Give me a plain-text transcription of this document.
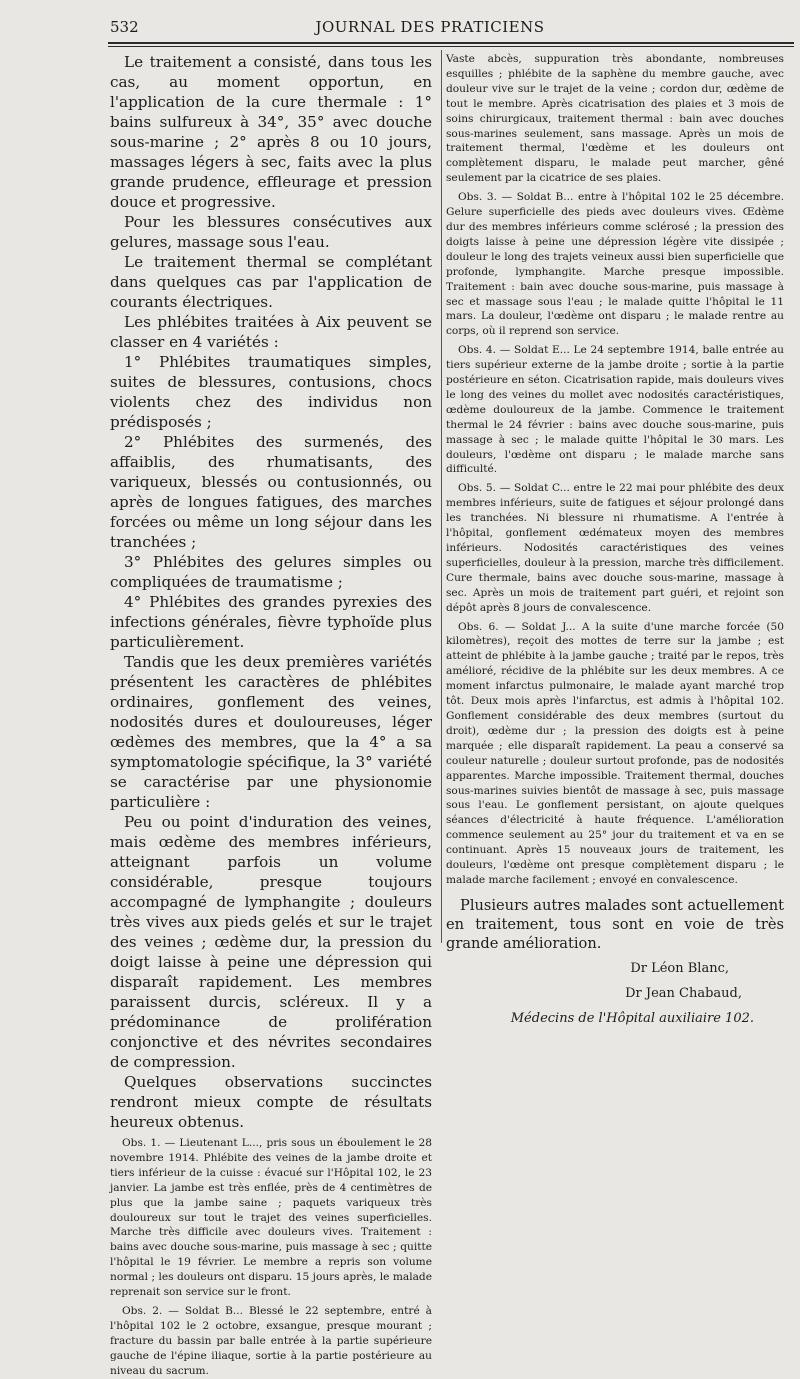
532	JOURNAL DES PRATICIENS

Le traitement a consisté, dans tous les cas, au moment opportun, en l'application de la cure thermale : 1° bains sulfureux à 34°, 35° avec douche sous-marine ; 2° après 8 ou 10 jours, massages légers à sec, faits avec la plus grande prudence, effleurage et pression douce et progressive.

Pour les blessures consécutives aux gelures, massage sous l'eau.

Le traitement thermal se complétant dans quelques cas par l'application de courants électriques.

Les phlébites traitées à Aix peuvent se classer en 4 variétés :

1° Phlébites traumatiques simples, suites de blessures, contusions, chocs violents chez des individus non prédisposés ;

2° Phlébites des surmenés, des affaiblis, des rhumatisants, des variqueux, blessés ou contusionnés, ou après de longues fatigues, des marches forcées ou même un long séjour dans les tranchées ;

3° Phlébites des gelures simples ou compliquées de traumatisme ;

4° Phlébites des grandes pyrexies des infections générales, fièvre typhoïde plus particulièrement.

Tandis que les deux premières variétés présentent les caractères de phlébites ordinaires, gonflement des veines, nodosités dures et douloureuses, léger œdèmes des membres, que la 4° a sa symptomatologie spécifique, la 3° variété se caractérise par une physionomie particulière :

Peu ou point d'induration des veines, mais œdème des membres inférieurs, atteignant parfois un volume considérable, presque toujours accompagné de lymphangite ; douleurs très vives aux pieds gelés et sur le trajet des veines ; œdème dur, la pression du doigt laisse à peine une dépression qui disparaît rapidement. Les membres paraissent durcis, scléreux. Il y a prédominance de prolifération conjonctive et des névrites secondaires de compression.

Quelques observations succinctes rendront mieux compte de résultats heureux obtenus.

Obs. 1. — Lieutenant L..., pris sous un éboulement le 28 novembre 1914. Phlébite des veines de la jambe droite et tiers inférieur de la cuisse : évacué sur l'Hôpital 102, le 23 janvier. La jambe est très enflée, près de 4 centimètres de plus que la jambe saine ; paquets variqueux très douloureux sur tout le trajet des veines superficielles. Marche très difficile avec douleurs vives. Traitement : bains avec douche sous-marine, puis massage à sec ; quitte l'hôpital le 19 février. Le membre a repris son volume normal ; les douleurs ont disparu. 15 jours après, le malade reprenait son service sur le front.

Obs. 2. — Soldat B... Blessé le 22 septembre, entré à l'hôpital 102 le 2 octobre, exsangue, presque mourant ; fracture du bassin par balle entrée à la partie supérieure gauche de l'épine iliaque, sortie à la partie postérieure au niveau du sacrum.

Vaste abcès, suppuration très abondante, nombreuses esquilles ; phlébite de la saphène du membre gauche, avec douleur vive sur le trajet de la veine ; cordon dur, œdème de tout le membre. Après cicatrisation des plaies et 3 mois de soins chirurgicaux, traitement thermal : bain avec douches sous-marines seulement, sans massage. Après un mois de traitement thermal, l'œdème et les douleurs ont complètement disparu, le malade peut marcher, gêné seulement par la cicatrice de ses plaies.

Obs. 3. — Soldat B... entre à l'hôpital 102 le 25 décembre. Gelure superficielle des pieds avec douleurs vives. Œdème dur des membres inférieurs comme sclérosé ; la pression des doigts laisse à peine une dépression légère vite dissipée ; douleur le long des trajets veineux aussi bien superficielle que profonde, lymphangite. Marche presque impossible. Traitement : bain avec douche sous-marine, puis massage à sec et massage sous l'eau ; le malade quitte l'hôpital le 11 mars. La douleur, l'œdème ont disparu ; le malade rentre au corps, où il reprend son service.

Obs. 4. — Soldat E... Le 24 septembre 1914, balle entrée au tiers supérieur externe de la jambe droite ; sortie à la partie postérieure en séton. Cicatrisation rapide, mais douleurs vives le long des veines du mollet avec nodosités caractéristiques, œdème douloureux de la jambe. Commence le traitement thermal le 24 février : bains avec douche sous-marine, puis massage à sec ; le malade quitte l'hôpital le 30 mars. Les douleurs, l'œdème ont disparu ; le malade marche sans difficulté.

Obs. 5. — Soldat C... entre le 22 mai pour phlébite des deux membres inférieurs, suite de fatigues et séjour prolongé dans les tranchées. Ni blessure ni rhumatisme. A l'entrée à l'hôpital, gonflement œdémateux moyen des membres inférieurs. Nodosités caractéristiques des veines superficielles, douleur à la pression, marche très difficilement. Cure thermale, bains avec douche sous-marine, massage à sec. Après un mois de traitement part guéri, et rejoint son dépôt après 8 jours de convalescence.

Obs. 6. — Soldat J... A la suite d'une marche forcée (50 kilomètres), reçoit des mottes de terre sur la jambe ; est atteint de phlébite à la jambe gauche ; traité par le repos, très amélioré, récidive de la phlébite sur les deux membres. A ce moment infarctus pulmonaire, le malade ayant marché trop tôt. Deux mois après l'infarctus, est admis à l'hôpital 102. Gonflement considérable des deux membres (surtout du droit), œdème dur ; la pression des doigts est à peine marquée ; elle disparaît rapidement. La peau a conservé sa couleur naturelle ; douleur surtout profonde, pas de nodosités apparentes. Marche impossible. Traitement thermal, douches sous-marines suivies bientôt de massage à sec, puis massage sous l'eau. Le gonflement persistant, on ajoute quelques séances d'électricité à haute fréquence. L'amélioration commence seulement au 25° jour du traitement et va en se continuant. Après 15 nouveaux jours de traitement, les douleurs, l'œdème ont presque complètement disparu ; le malade marche facilement ; envoyé en convalescence.

Plusieurs autres malades sont actuellement en traitement, tous sont en voie de très grande amélioration.

Dr Léon Blanc,
Dr Jean Chabaud,
Médecins de l'Hôpital auxiliaire 102.
